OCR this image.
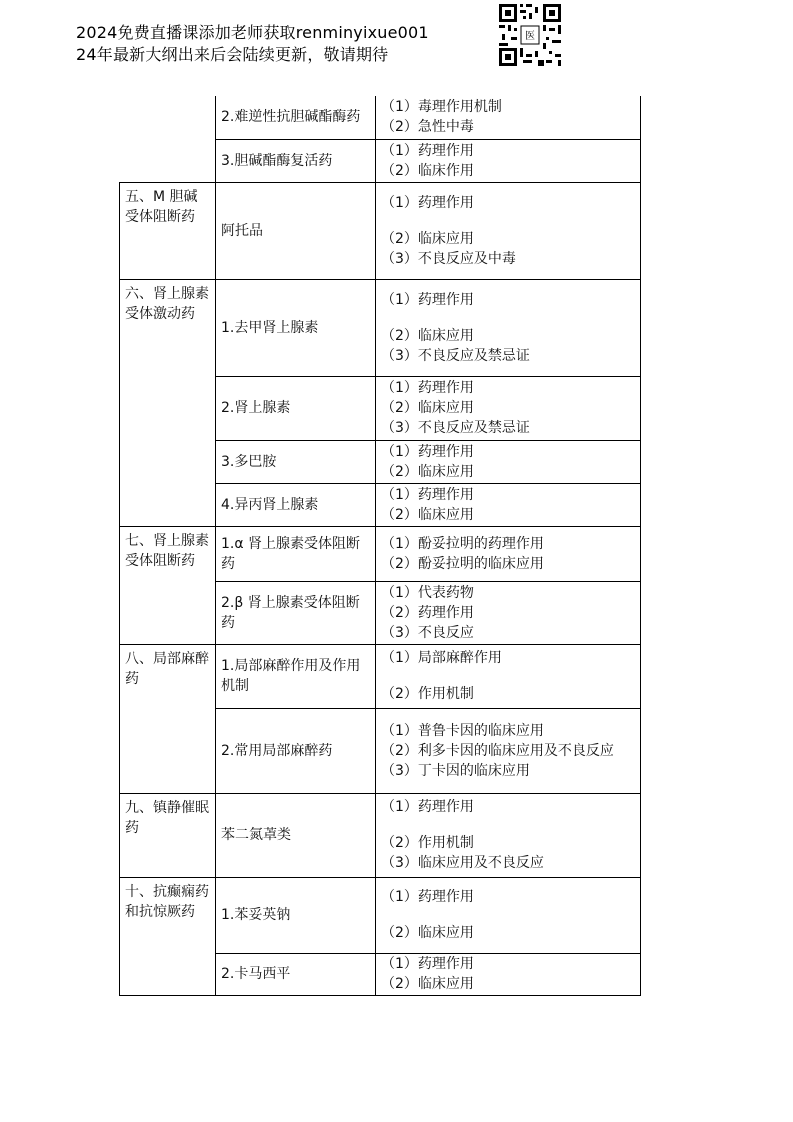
2024免费直播课添加老师获取renminyixue001
24年最新大纲出来后会陆续更新，敬请期待
医
	2.难逆性抗胆碱酯酶药	（1）毒理作用机制
（2）急性中毒

	3.胆碱酯酶复活药	（1）药理作用
（2）临床作用

五、M 胆碱受体阻断药	阿托品	（1）药理作用
（2）临床应用
（3）不良反应及中毒

六、肾上腺素受体激动药	1.去甲肾上腺素	（1）药理作用
（2）临床应用
（3）不良反应及禁忌证

	2.肾上腺素	（1）药理作用
（2）临床应用
（3）不良反应及禁忌证

	3.多巴胺	（1）药理作用
（2）临床应用

	4.异丙肾上腺素	（1）药理作用
（2）临床应用

七、肾上腺素受体阻断药	1.α 肾上腺素受体阻断药	（1）酚妥拉明的药理作用
（2）酚妥拉明的临床应用

	2.β 肾上腺素受体阻断药	（1）代表药物
（2）药理作用
（3）不良反应

八、局部麻醉药	1.局部麻醉作用及作用机制	（1）局部麻醉作用
（2）作用机制

	2.常用局部麻醉药	（1）普鲁卡因的临床应用
（2）利多卡因的临床应用及不良反应
（3）丁卡因的临床应用

九、镇静催眠药	苯二氮䓬类	（1）药理作用
（2）作用机制
（3）临床应用及不良反应

十、抗癫痫药和抗惊厥药	1.苯妥英钠	（1）药理作用
（2）临床应用

	2.卡马西平	（1）药理作用
（2）临床应用
